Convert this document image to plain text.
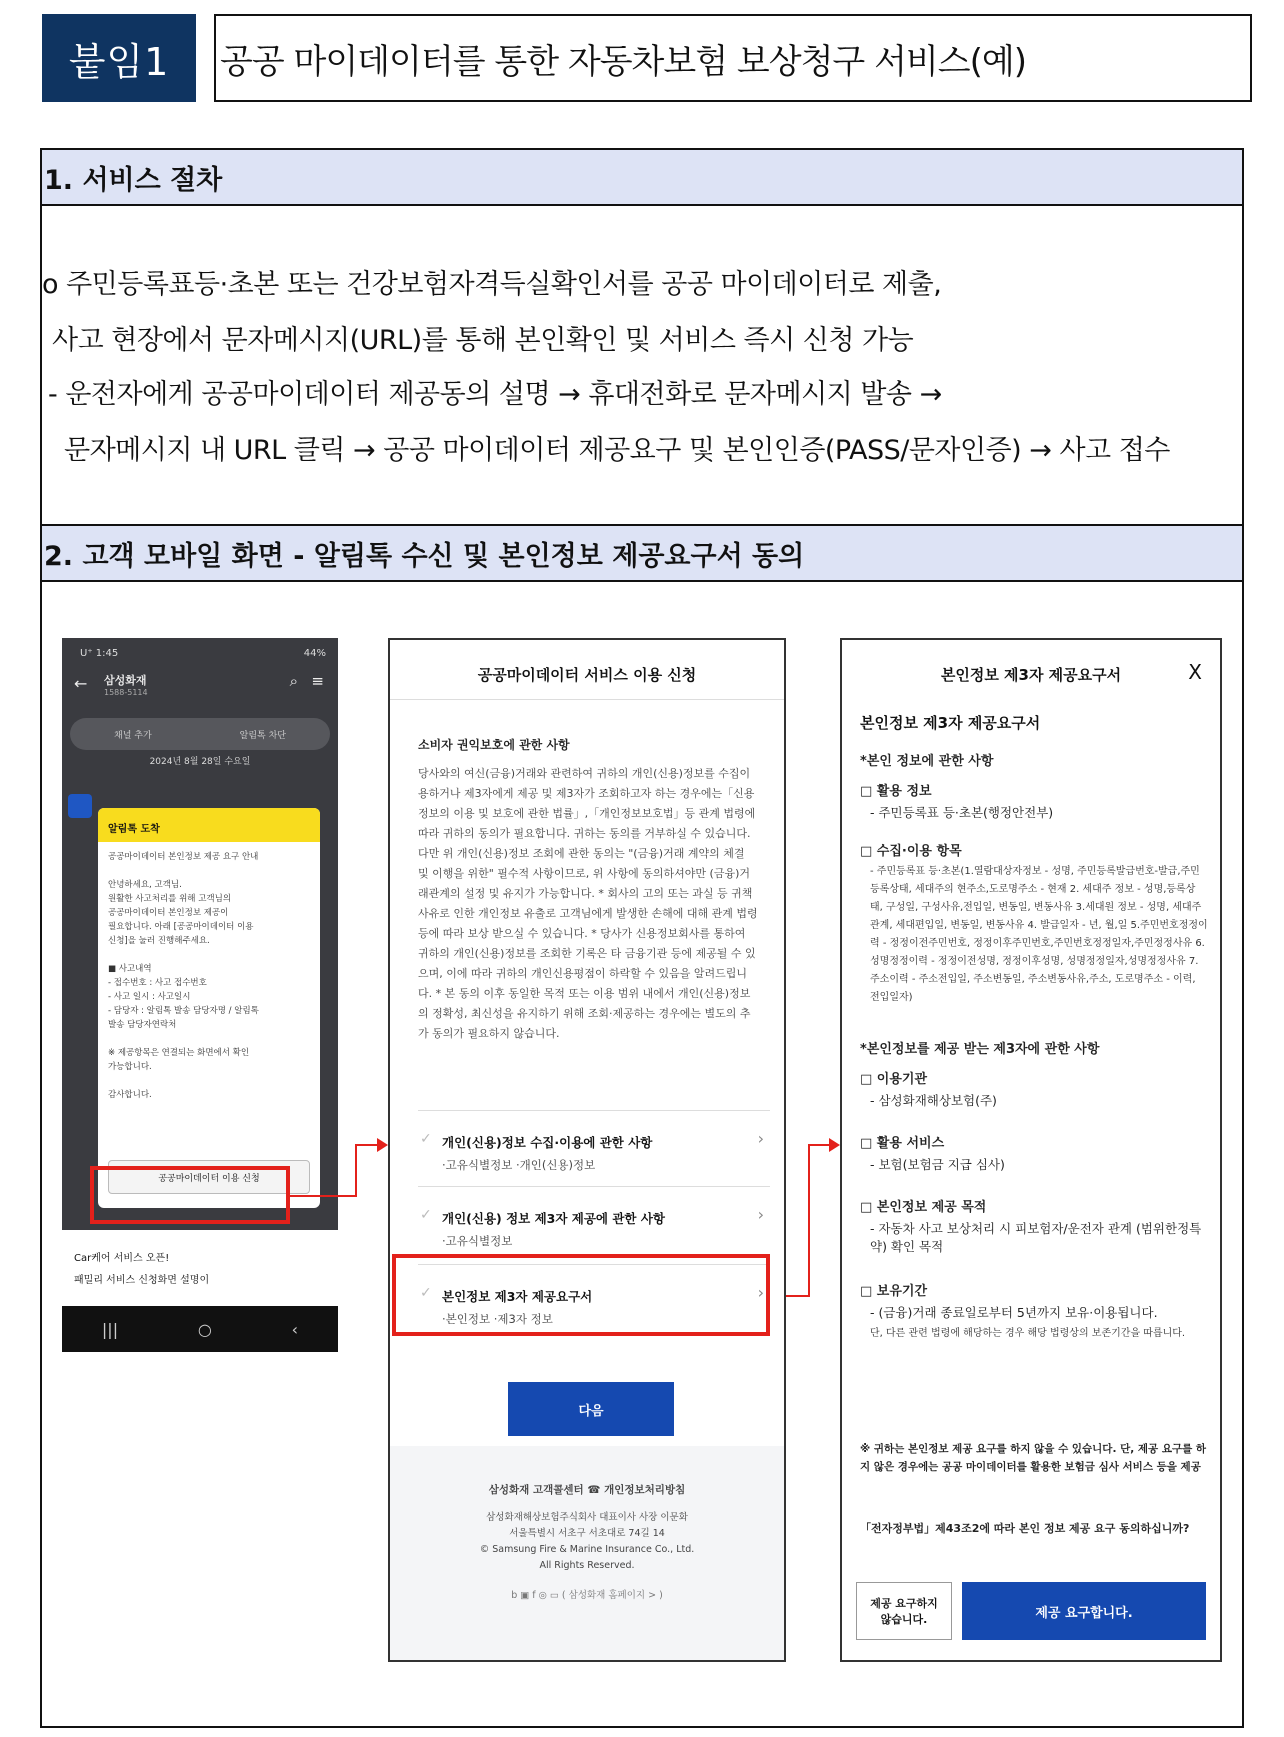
붙임1	공공 마이데이터를 통한 자동차보험 보상청구 서비스(예)
1. 서비스 절차
o 주민등록표등·초본 또는 건강보험자격득실확인서를 공공 마이데이터로 제출,
사고 현장에서 문자메시지(URL)를 통해 본인확인 및 서비스 즉시 신청 가능
- 운전자에게 공공마이데이터 제공동의 설명 → 휴대전화로 문자메시지 발송 →
문자메시지 내 URL 클릭 → 공공 마이데이터 제공요구 및 본인인증(PASS/문자인증) → 사고 접수
2. 고객 모바일 화면 - 알림톡 수신 및 본인정보 제공요구서 동의
U⁺ 1:45	44%
← 삼성화재
1588-5114
⌕ ≡
채널 추가	알림톡 차단
2024년 8월 28일 수요일
알림톡 도착
공공마이데이터 본인정보 제공 요구 안내

안녕하세요, 고객님.
원활한 사고처리를 위해 고객님의
공공마이데이터 본인정보 제공이
필요합니다. 아래 [공공마이데이터 이용
신청]을 눌러 진행해주세요.

■ 사고내역
- 접수번호 : 사고 접수번호
- 사고 일시 : 사고일시
- 담당자 : 알림톡 발송 담당자명 / 알림톡
발송 담당자연락처

※ 제공항목은 연결되는 화면에서 확인
가능합니다.

감사합니다.
공공마이데이터 이용 신청
Car케어 서비스 오픈!
패밀리 서비스 신청화면 설명이
|||	○	‹
공공마이데이터 서비스 이용 신청
소비자 권익보호에 관한 사항
당사와의 여신(금융)거래와 관련하여 귀하의 개인(신용)정보를 수집이용하거나 제3자에게 제공 및 제3자가 조회하고자 하는 경우에는「신용정보의 이용 및 보호에 관한 법률」,「개인정보보호법」등 관계 법령에 따라 귀하의 동의가 필요합니다. 귀하는 동의를 거부하실 수 있습니다. 다만 위 개인(신용)정보 조회에 관한 동의는 "(금융)거래 계약의 체결 및 이행을 위한" 필수적 사항이므로, 위 사항에 동의하셔야만 (금융)거래관계의 설정 및 유지가 가능합니다. * 회사의 고의 또는 과실 등 귀책사유로 인한 개인정보 유출로 고객님에게 발생한 손해에 대해 관계 법령 등에 따라 보상 받으실 수 있습니다. * 당사가 신용정보회사를 통하여 귀하의 개인(신용)정보를 조회한 기록은 타 금융기관 등에 제공될 수 있으며, 이에 따라 귀하의 개인신용평점이 하락할 수 있음을 알려드립니다. * 본 동의 이후 동일한 목적 또는 이용 범위 내에서 개인(신용)정보의 정확성, 최신성을 유지하기 위해 조회·제공하는 경우에는 별도의 추가 동의가 필요하지 않습니다.
✓ 개인(신용)정보 수집·이용에 관한 사항
·고유식별정보 ·개인(신용)정보
›
✓ 개인(신용) 정보 제3자 제공에 관한 사항
·고유식별정보
›
✓ 본인정보 제3자 제공요구서
·본인정보 ·제3자 정보
›
다음
삼성화재 고객콜센터 ☎ 개인정보처리방침
삼성화재해상보험주식회사 대표이사 사장 이문화
서울특별시 서초구 서초대로 74길 14
© Samsung Fire & Marine Insurance Co., Ltd.
All Rights Reserved.
b ▣ f ◎ ▭ ( 삼성화재 홈페이지 > )
본인정보 제3자 제공요구서	X
본인정보 제3자 제공요구서
*본인 정보에 관한 사항
□ 활용 정보
- 주민등록표 등·초본(행정안전부)
□ 수집·이용 항목
- 주민등록표 등·초본(1.열람대상자정보 - 성명, 주민등록발급번호-발급,주민등록상태, 세대주의 현주소,도로명주소 - 현재 2. 세대주 정보 - 성명,등록상태, 구성일, 구성사유,전입일, 변동일, 변동사유 3.세대원 정보 - 성명, 세대주관계, 세대편입일, 변동일, 변동사유 4. 발급일자 - 년, 월,일 5.주민번호정정이력 - 정정이전주민번호, 정정이후주민번호,주민번호정정일자,주민정정사유 6.성명정정이력 - 정정이전성명, 정정이후성명, 성명정정일자,성명정정사유 7. 주소이력 - 주소전입일, 주소변동일, 주소변동사유,주소, 도로명주소 - 이력, 전입일자)
*본인정보를 제공 받는 제3자에 관한 사항
□ 이용기관
- 삼성화재해상보험(주)
□ 활용 서비스
- 보험(보험금 지급 심사)
□ 본인정보 제공 목적
- 자동차 사고 보상처리 시 피보험자/운전자 관계 (범위한정특약) 확인 목적
□ 보유기간
- (금융)거래 종료일로부터 5년까지 보유·이용됩니다.
단, 다른 관련 법령에 해당하는 경우 해당 법령상의 보존기간을 따릅니다.
※ 귀하는 본인정보 제공 요구를 하지 않을 수 있습니다. 단, 제공 요구를 하지 않은 경우에는 공공 마이데이터를 활용한 보험금 심사 서비스 등을 제공
「전자정부법」제43조2에 따라 본인 정보 제공 요구 동의하십니까?
제공 요구하지
않습니다.	제공 요구합니다.
